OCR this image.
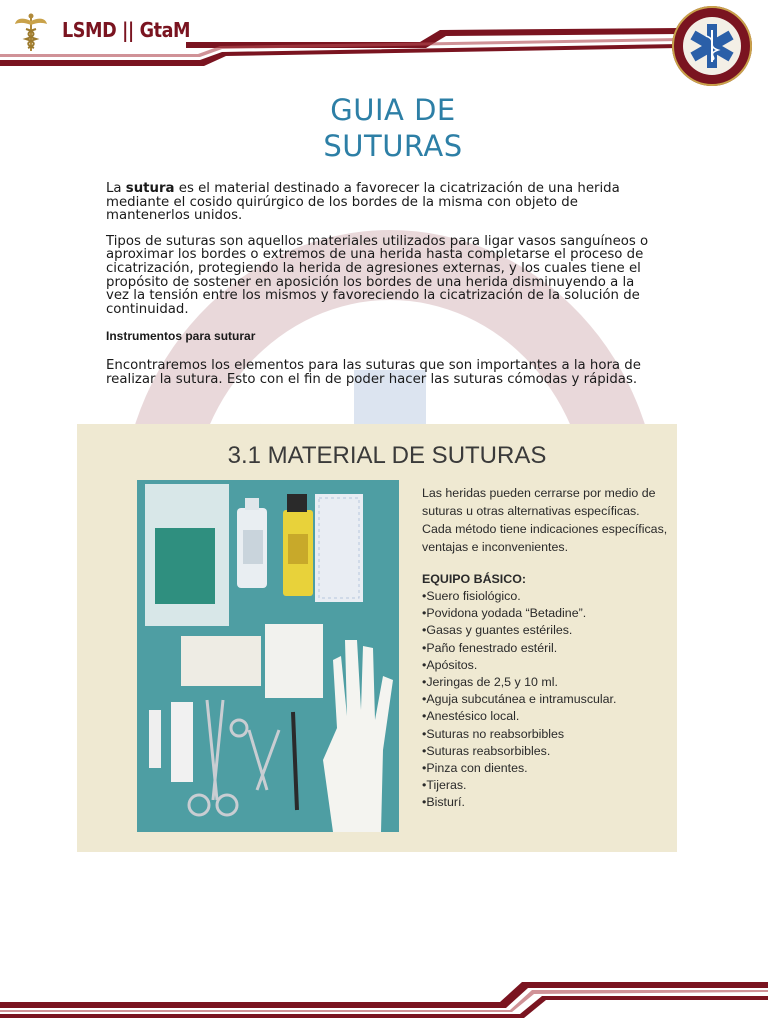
LSMD || GtaM
GUIA DE
SUTURAS

La sutura es el material destinado a favorecer la cicatrización de una herida mediante el cosido quirúrgico de los bordes de la misma con objeto de mantenerlos unidos.

Tipos de suturas son aquellos materiales utilizados para ligar vasos sanguíneos o aproximar los bordes o extremos de una herida hasta completarse el proceso de cicatrización, protegiendo la herida de agresiones externas, y los cuales tiene el propósito de sostener en aposición los bordes de una herida disminuyendo a la vez la tensión entre los mismos y favoreciendo la cicatrización de la solución de continuidad.

Instrumentos para suturar

Encontraremos los elementos para las suturas que son importantes a la hora de realizar la sutura. Esto con el fin de poder hacer las suturas cómodas y rápidas.

3.1 MATERIAL DE SUTURAS
Las heridas pueden cerrarse por medio de suturas u otras alternativas específicas. Cada método tiene indicaciones específicas, ventajas e inconvenientes.

EQUIPO BÁSICO:

•Suero fisiológico.
•Povidona yodada “Betadine”.
•Gasas y guantes estériles.
•Paño fenestrado estéril.
•Apósitos.
•Jeringas de 2,5 y 10 ml.
•Aguja subcutánea e intramuscular.
•Anestésico local.
•Suturas no reabsorbibles
•Suturas reabsorbibles.
•Pinza con dientes.
•Tijeras.
•Bisturí.
